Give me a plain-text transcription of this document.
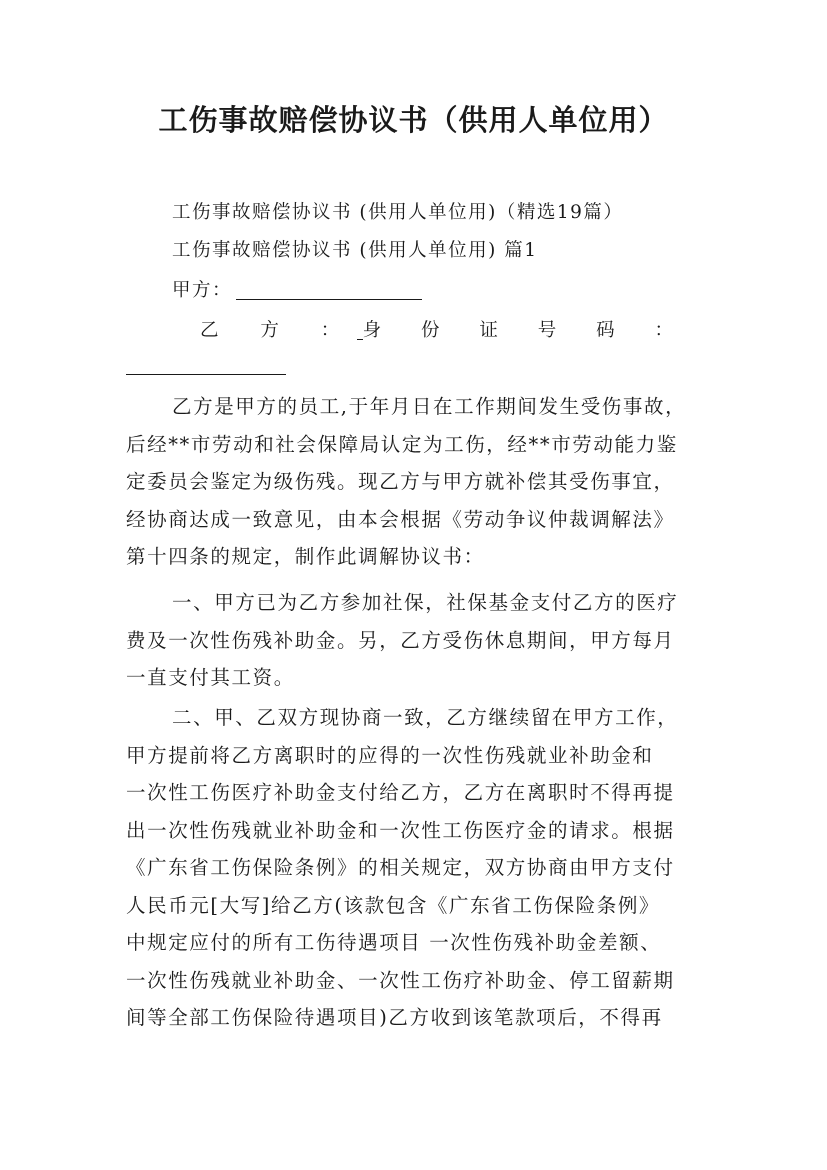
工伤事故赔偿协议书（供用人单位用）
工伤事故赔偿协议书 (供用人单位用)（精选19篇）
工伤事故赔偿协议书 (供用人单位用) 篇1
甲方：
乙 方 ： 身 份 证 号 码 ：
乙方是甲方的员工,于年月日在工作期间发生受伤事故，
后经**市劳动和社会保障局认定为工伤，经**市劳动能力鉴
定委员会鉴定为级伤残。现乙方与甲方就补偿其受伤事宜，
经协商达成一致意见，由本会根据《劳动争议仲裁调解法》
第十四条的规定，制作此调解协议书：
一、甲方已为乙方参加社保，社保基金支付乙方的医疗
费及一次性伤残补助金。另，乙方受伤休息期间，甲方每月
一直支付其工资。
二、甲、乙双方现协商一致，乙方继续留在甲方工作，
甲方提前将乙方离职时的应得的一次性伤残就业补助金和
一次性工伤医疗补助金支付给乙方，乙方在离职时不得再提
出一次性伤残就业补助金和一次性工伤医疗金的请求。根据
《广东省工伤保险条例》的相关规定，双方协商由甲方支付
人民币元[大写]给乙方(该款包含《广东省工伤保险条例》
中规定应付的所有工伤待遇项目 一次性伤残补助金差额、
一次性伤残就业补助金、一次性工伤疗补助金、停工留薪期
间等全部工伤保险待遇项目)乙方收到该笔款项后，不得再
